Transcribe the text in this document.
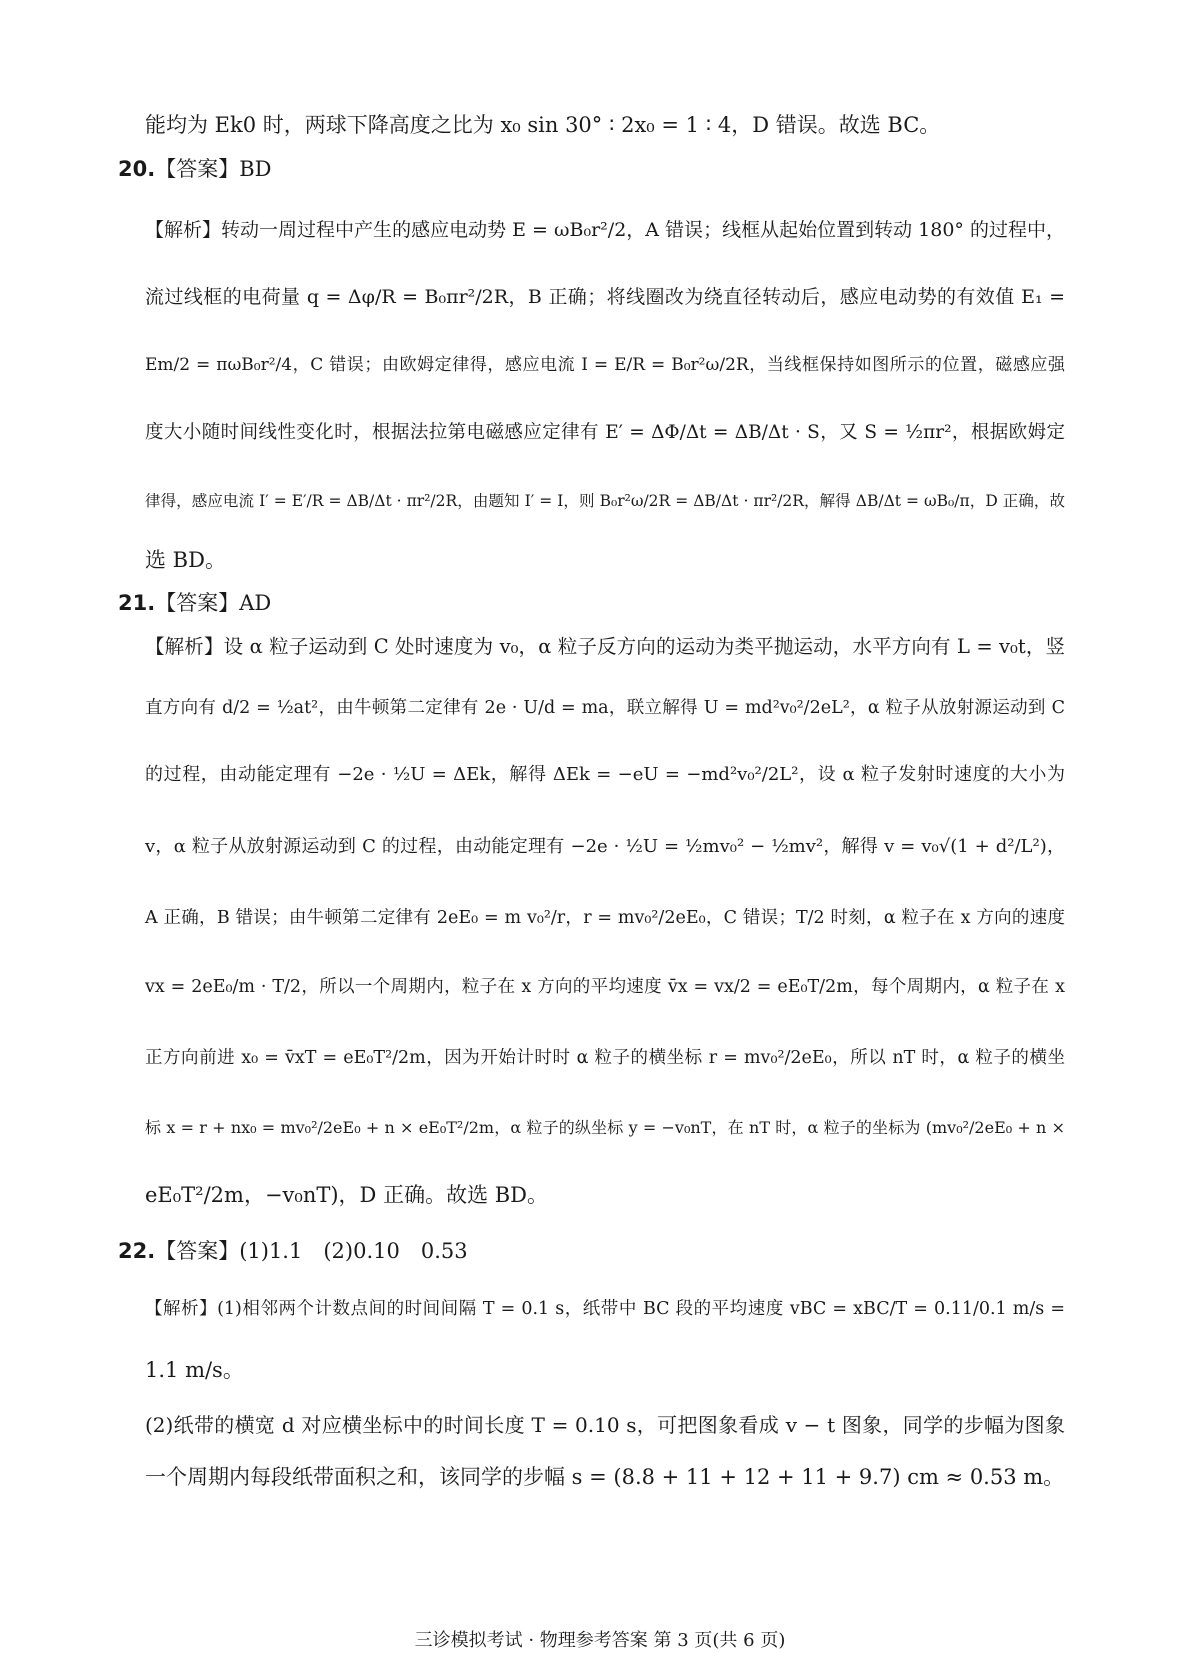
能均为 Ek0 时，两球下降高度之比为 x₀ sin 30° ∶ 2x₀ = 1 ∶ 4，D 错误。故选 BC。
20.【答案】BD
【解析】转动一周过程中产生的感应电动势 E = ωB₀r²/2，A 错误；线框从起始位置到转动 180° 的过程中，
流过线框的电荷量 q = Δφ/R = B₀πr²/2R，B 正确；将线圈改为绕直径转动后，感应电动势的有效值 E₁ =
Em/2 = πωB₀r²/4，C 错误；由欧姆定律得，感应电流 I = E/R = B₀r²ω/2R，当线框保持如图所示的位置，磁感应强
度大小随时间线性变化时，根据法拉第电磁感应定律有 E′ = ΔΦ/Δt = ΔB/Δt · S，又 S = ½πr²，根据欧姆定
律得，感应电流 I′ = E′/R = ΔB/Δt · πr²/2R，由题知 I′ = I，则 B₀r²ω/2R = ΔB/Δt · πr²/2R，解得 ΔB/Δt = ωB₀/π，D 正确，故
选 BD。
21.【答案】AD
【解析】设 α 粒子运动到 C 处时速度为 v₀，α 粒子反方向的运动为类平抛运动，水平方向有 L = v₀t，竖
直方向有 d/2 = ½at²，由牛顿第二定律有 2e · U/d = ma，联立解得 U = md²v₀²/2eL²，α 粒子从放射源运动到 C
的过程，由动能定理有 −2e · ½U = ΔEk，解得 ΔEk = −eU = −md²v₀²/2L²，设 α 粒子发射时速度的大小为
v，α 粒子从放射源运动到 C 的过程，由动能定理有 −2e · ½U = ½mv₀² − ½mv²，解得 v = v₀√(1 + d²/L²)，
A 正确，B 错误；由牛顿第二定律有 2eE₀ = m v₀²/r，r = mv₀²/2eE₀，C 错误；T/2 时刻，α 粒子在 x 方向的速度
vx = 2eE₀/m · T/2，所以一个周期内，粒子在 x 方向的平均速度 v̄x = vx/2 = eE₀T/2m，每个周期内，α 粒子在 x
正方向前进 x₀ = v̄xT = eE₀T²/2m，因为开始计时时 α 粒子的横坐标 r = mv₀²/2eE₀，所以 nT 时，α 粒子的横坐
标 x = r + nx₀ = mv₀²/2eE₀ + n × eE₀T²/2m，α 粒子的纵坐标 y = −v₀nT，在 nT 时，α 粒子的坐标为 (mv₀²/2eE₀ + n ×
eE₀T²/2m，−v₀nT)，D 正确。故选 BD。
22.【答案】(1)1.1　(2)0.10　0.53
【解析】(1)相邻两个计数点间的时间间隔 T = 0.1 s，纸带中 BC 段的平均速度 vBC = xBC/T = 0.11/0.1 m/s =
1.1 m/s。
(2)纸带的横宽 d 对应横坐标中的时间长度 T = 0.10 s，可把图象看成 v − t 图象，同学的步幅为图象
一个周期内每段纸带面积之和，该同学的步幅 s = (8.8 + 11 + 12 + 11 + 9.7) cm ≈ 0.53 m。
三诊模拟考试 · 物理参考答案 第 3 页(共 6 页)
